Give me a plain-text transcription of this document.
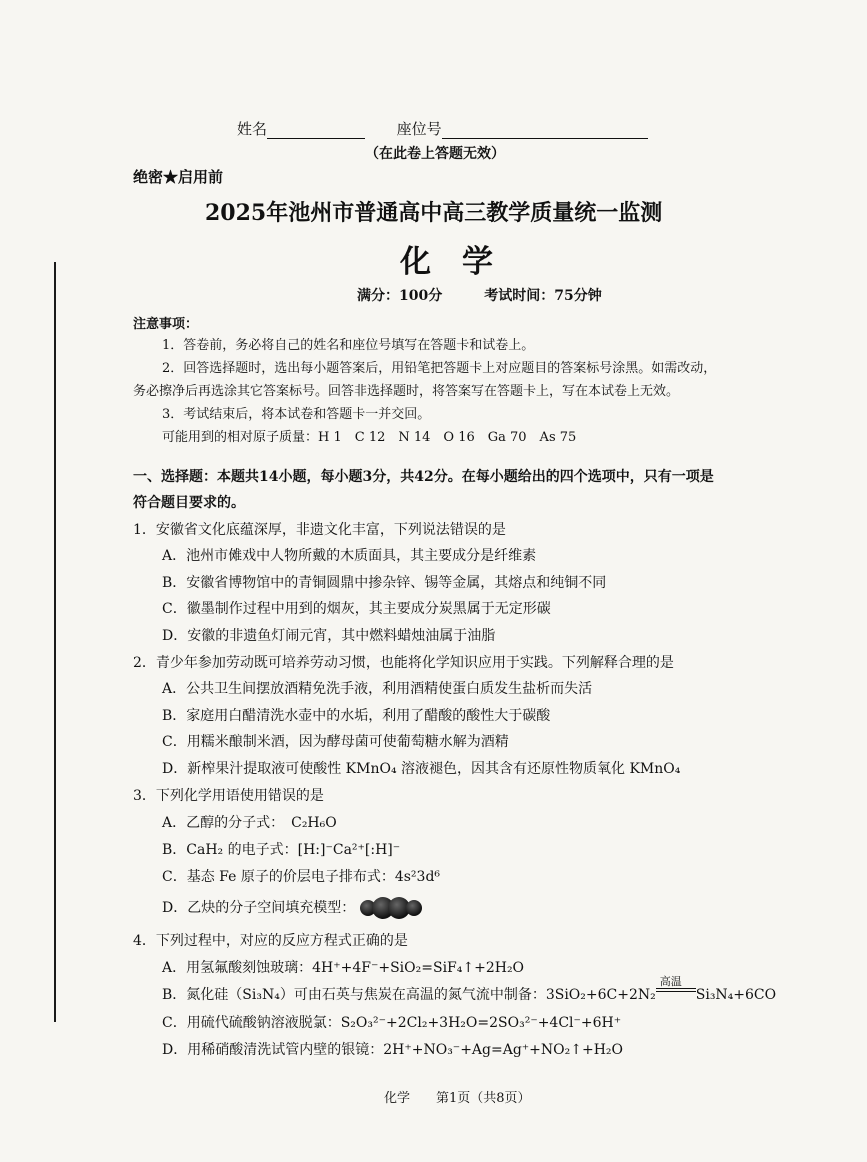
姓名	座位号
（在此卷上答题无效）
绝密★启用前
2025年池州市普通高中高三教学质量统一监测
化　学
满分：100分　　　考试时间：75分钟
注意事项：
1．答卷前，务必将自己的姓名和座位号填写在答题卡和试卷上。
2．回答选择题时，选出每小题答案后，用铅笔把答题卡上对应题目的答案标号涂黑。如需改动，
务必擦净后再选涂其它答案标号。回答非选择题时，将答案写在答题卡上，写在本试卷上无效。
3．考试结束后，将本试卷和答题卡一并交回。
可能用到的相对原子质量：H 1　C 12　N 14　O 16　Ga 70　As 75
一、选择题：本题共14小题，每小题3分，共42分。在每小题给出的四个选项中，只有一项是
符合题目要求的。
1．安徽省文化底蕴深厚，非遗文化丰富，下列说法错误的是
A．池州市傩戏中人物所戴的木质面具，其主要成分是纤维素
B．安徽省博物馆中的青铜圆鼎中掺杂锌、锡等金属，其熔点和纯铜不同
C．徽墨制作过程中用到的烟灰，其主要成分炭黑属于无定形碳
D．安徽的非遗鱼灯闹元宵，其中燃料蜡烛油属于油脂
2．青少年参加劳动既可培养劳动习惯，也能将化学知识应用于实践。下列解释合理的是
A．公共卫生间摆放酒精免洗手液，利用酒精使蛋白质发生盐析而失活
B．家庭用白醋清洗水壶中的水垢，利用了醋酸的酸性大于碳酸
C．用糯米酿制米酒，因为酵母菌可使葡萄糖水解为酒精
D．新榨果汁提取液可使酸性 KMnO₄ 溶液褪色，因其含有还原性物质氧化 KMnO₄
3．下列化学用语使用错误的是
A．乙醇的分子式：　C₂H₆O
B．CaH₂ 的电子式：[H:]⁻Ca²⁺[:H]⁻
C．基态 Fe 原子的价层电子排布式：4s²3d⁶
D．乙炔的分子空间填充模型：
4．下列过程中，对应的反应方程式正确的是
A．用氢氟酸刻蚀玻璃：4H⁺+4F⁻+SiO₂=SiF₄↑+2H₂O
B．氮化硅（Si₃N₄）可由石英与焦炭在高温的氮气流中制备：3SiO₂+6C+2N₂
高温
Si₃N₄+6CO
C．用硫代硫酸钠溶液脱氯：S₂O₃²⁻+2Cl₂+3H₂O=2SO₃²⁻+4Cl⁻+6H⁺
D．用稀硝酸清洗试管内壁的银镜：2H⁺+NO₃⁻+Ag=Ag⁺+NO₂↑+H₂O
化学　　第1页（共8页）
